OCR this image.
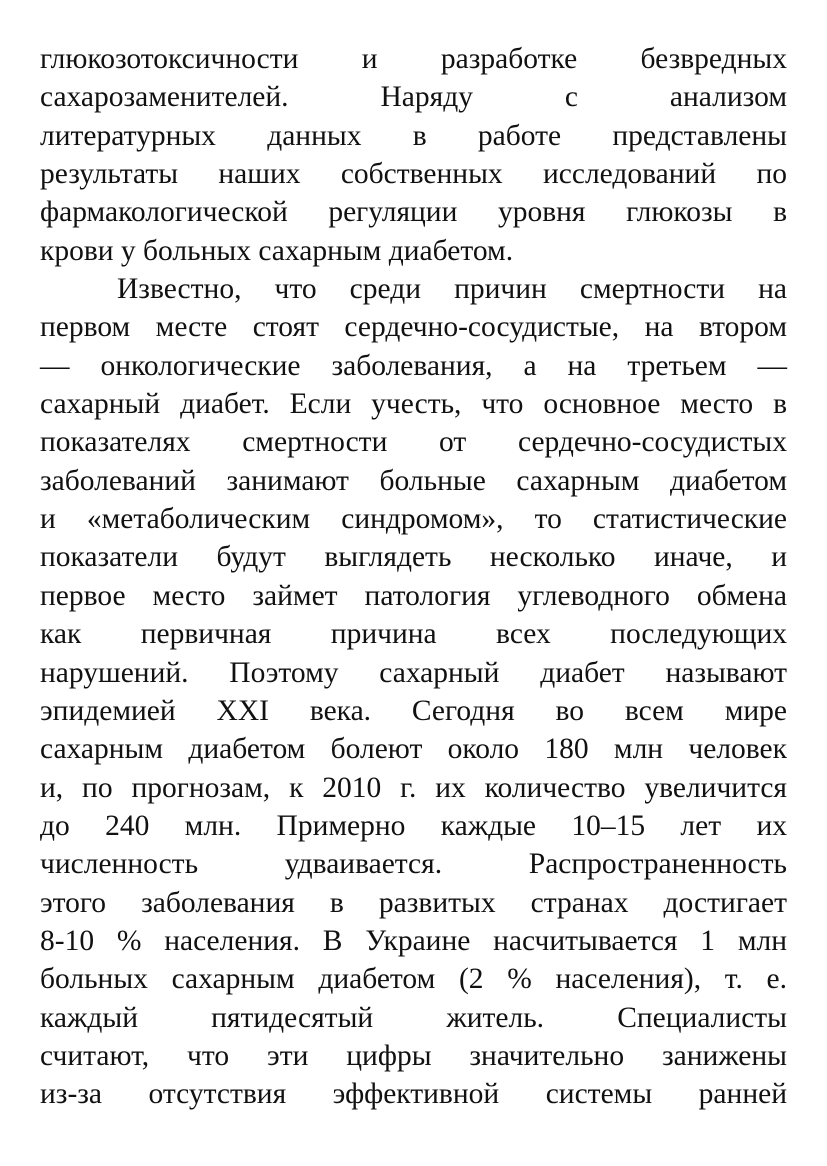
глюкозотоксичности и разработке безвредных
сахарозаменителей. Наряду с анализом
литературных данных в работе представлены
результаты наших собственных исследований по
фармакологической регуляции уровня глюкозы в
крови у больных сахарным диабетом.
Известно, что среди причин смертности на
первом месте стоят сердечно-сосудистые, на втором
— онкологические заболевания, а на третьем —
сахарный диабет. Если учесть, что основное место в
показателях смертности от сердечно-сосудистых
заболеваний занимают больные сахарным диабетом
и «метаболическим синдромом», то статистические
показатели будут выглядеть несколько иначе, и
первое место займет патология углеводного обмена
как первичная причина всех последующих
нарушений. Поэтому сахарный диабет называют
эпидемией XXI века. Сегодня во всем мире
сахарным диабетом болеют около 180 млн человек
и, по прогнозам, к 2010 г. их количество увеличится
до 240 млн. Примерно каждые 10–15 лет их
численность удваивается. Распространенность
этого заболевания в развитых странах достигает
8-10 % населения. В Украине насчитывается 1 млн
больных сахарным диабетом (2 % населения), т. е.
каждый пятидесятый житель. Специалисты
считают, что эти цифры значительно занижены
из-за отсутствия эффективной системы ранней
